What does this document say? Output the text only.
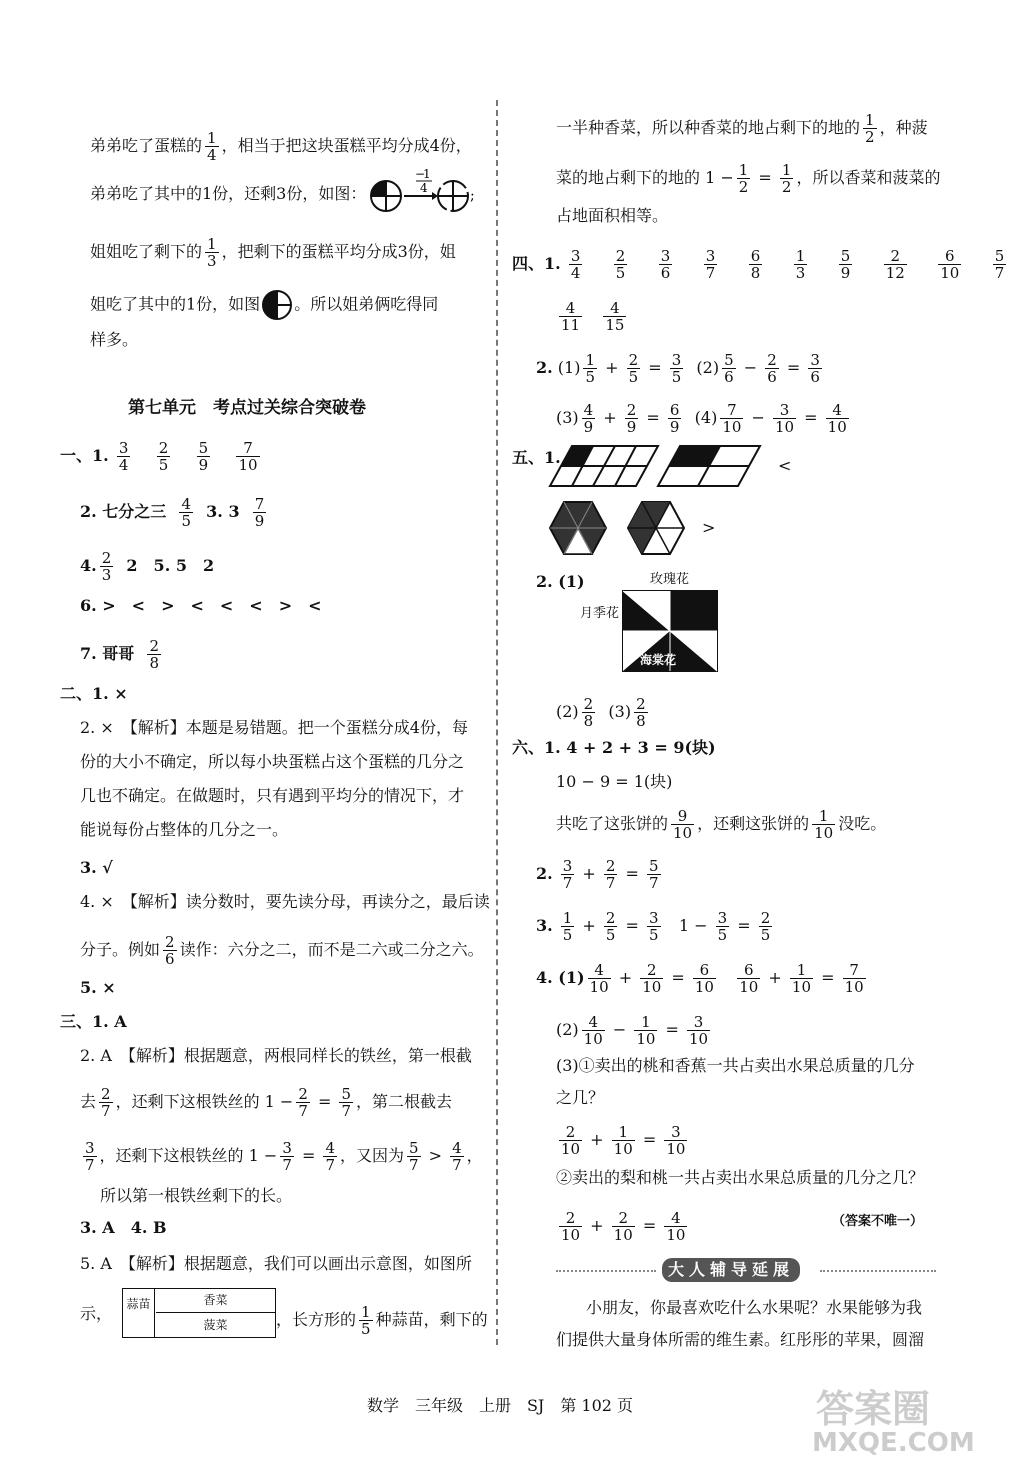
弟弟吃了蛋糕的 $\frac{1}{4}$ ，相当于把这块蛋糕平均分成4份，
弟弟吃了其中的1份，还剩3份，如图：
−
1
4	;
姐姐吃了剩下的 $\frac{1}{3}$ ，把剩下的蛋糕平均分成3份，姐
姐吃了其中的1份，如图 。所以姐弟俩吃得同
样多。
第七单元　考点过关综合突破卷
一、1. $\frac{3}{4}$
$\frac{2}{5}$
$\frac{5}{9}$
$\frac{7}{10}$
2. 七分之三 $\frac{4}{5} 3$. $3 \frac{7}{9}$
4. $\frac{2}{3} 2$　5. 5　2
6. >　<　>　<　<　<　>　<
7. 哥哥 $\frac{2}{8}$
二、1. ×
2. ×　【解析】本题是易错题。把一个蛋糕分成4份，每
份的大小不确定，所以每小块蛋糕占这个蛋糕的几分之
几也不确定。在做题时，只有遇到平均分的情况下，才
能说每份占整体的几分之一。
3. √
4. ×　【解析】读分数时，要先读分母，再读分之，最后读
分子。例如 $\frac{2}{6}$ 读作：六分之二，而不是二六或二分之六。
5. ×
三、1. A
2. A　【解析】根据题意，两根同样长的铁丝，第一根截
去 $\frac{2}{7}$ ，还剩下这根铁丝的 $1 - \frac{2}{7} = \frac{5}{7}$ ，第二根截去
$\frac{3}{7}$ ，还剩下这根铁丝的 $1 - \frac{3}{7} = \frac{4}{7}$ ，又因为 $\frac{5}{7} > \frac{4}{7}$ ，
所以第一根铁丝剩下的长。
3. A　4. B
5. A　【解析】根据题意，我们可以画出示意图，如图所
示， 蒜苗	香菜
菠菜	，长方形的 $\frac{1}{5}$ 种蒜苗，剩下的
一半种香菜，所以种香菜的地占剩下的地的 $\frac{1}{2}$ ，种菠
菜的地占剩下的地的 $1 - \frac{1}{2} = \frac{1}{2}$ ，所以香菜和菠菜的
占地面积相等。
四、1. $\frac{3}{4}$
$\frac{2}{5}$
$\frac{3}{6}$
$\frac{3}{7}$
$\frac{6}{8}$
$\frac{1}{3}$
$\frac{5}{9}$
$\frac{2}{12}$
$\frac{6}{10}$
$\frac{5}{7}$
$\frac{4}{11}$
$\frac{4}{15}$
2. $(1) \frac{1}{5} + \frac{2}{5} = \frac{3}{5} (2) \frac{5}{6} - \frac{2}{6} = \frac{3}{6}$
$(3) \frac{4}{9} + \frac{2}{9} = \frac{6}{9} (4) \frac{7}{10} - \frac{3}{10} = \frac{4}{10}$
五、1.	<
>
2. (1)	玫瑰花
月季花
海棠花
$(2) \frac{2}{8} (3) \frac{2}{8}$
六、1. 4 + 2 + 3 = 9(块)
10 − 9 = 1(块)
共吃了这张饼的 $\frac{9}{10}$ ，还剩这张饼的 $\frac{1}{10}$ 没吃。
2. $\frac{3}{7} + \frac{2}{7} = \frac{5}{7}$
3. $\frac{1}{5} + \frac{2}{5} = \frac{3}{5} 1 - \frac{3}{5} = \frac{2}{5}$
4. $(1) \frac{4}{10} + \frac{2}{10} = \frac{6}{10}$
$\frac{6}{10} + \frac{1}{10} = \frac{7}{10}$
$(2) \frac{4}{10} - \frac{1}{10} = \frac{3}{10}$
(3)①卖出的桃和香蕉一共占卖出水果总质量的几分
之几？
$\frac{2}{10} + \frac{1}{10} = \frac{3}{10}$
②卖出的梨和桃一共占卖出水果总质量的几分之几？
$\frac{2}{10} + \frac{2}{10} = \frac{4}{10}$	（答案不唯一）
大人辅导延展
小朋友，你最喜欢吃什么水果呢？水果能够为我
们提供大量身体所需的维生素。红彤彤的苹果，圆溜
数学　三年级　上册　SJ　第 102 页	答案圈
MXQE.COM
